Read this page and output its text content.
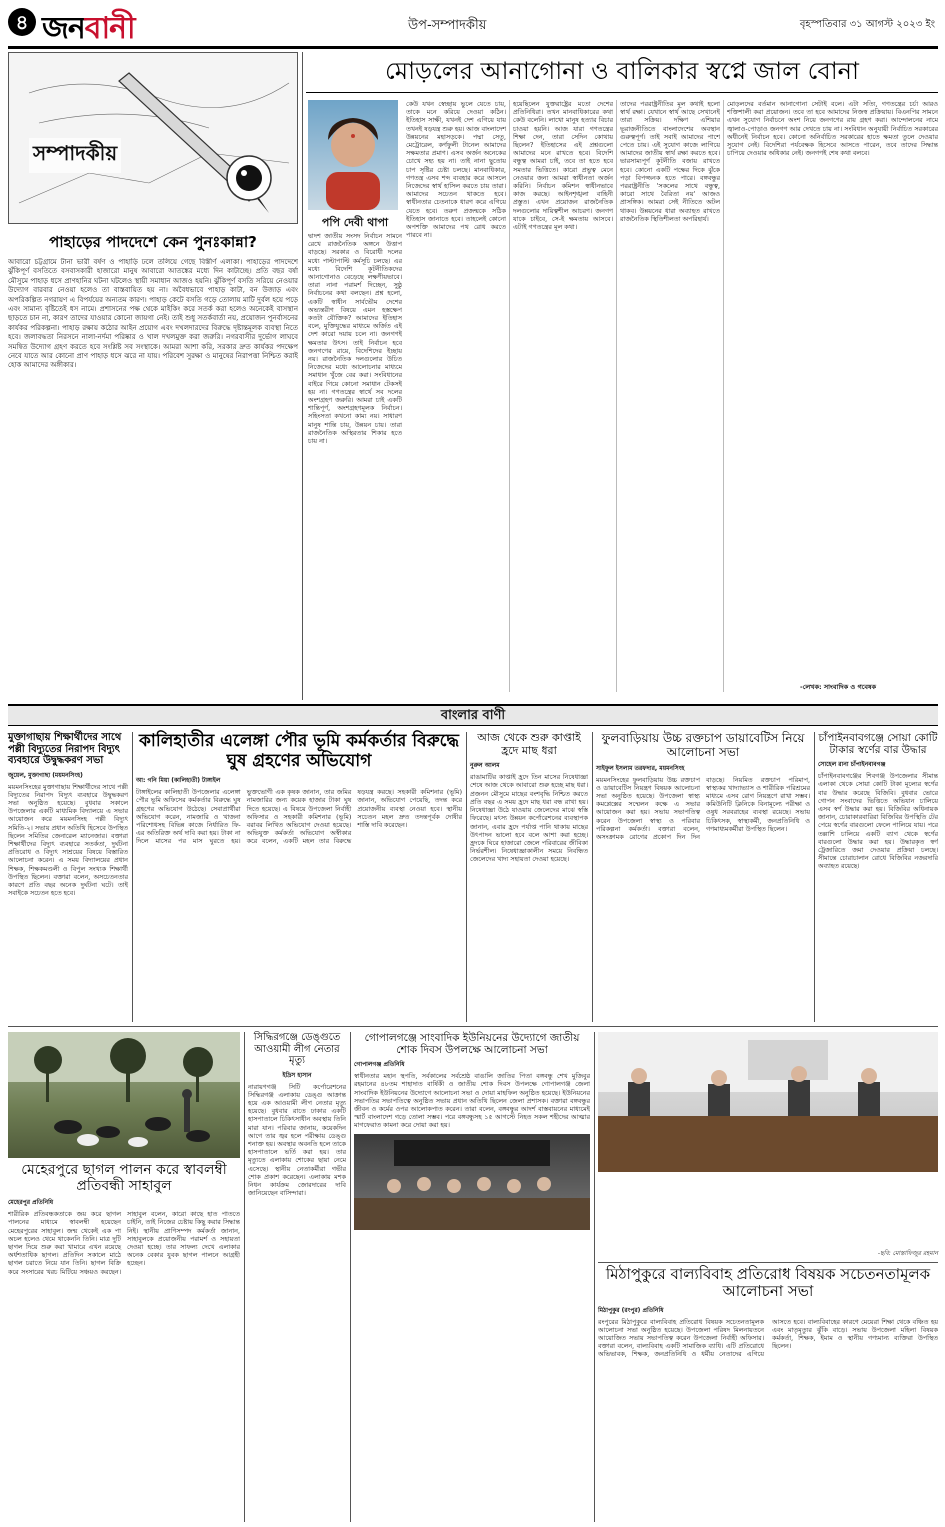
৪ জনবানী	উপ-সম্পাদকীয়	বৃহস্পতিবার ৩১ আগস্ট ২০২৩ ইং
সম্পাদকীয়
পাহাড়ের পাদদেশে কেন পুনঃকান্না?
আবারো চট্টগ্রামে টানা ভারী বর্ষণ ও পাহাড়ি ঢলে তলিয়ে গেছে বিস্তীর্ণ এলাকা। পাহাড়ের পাদদেশে ঝুঁকিপূর্ণ বসতিতে বসবাসকারী হাজারো মানুষ আবারো আতঙ্কের মধ্যে দিন কাটাচ্ছে। প্রতি বছর বর্ষা মৌসুমে পাহাড় ধসে প্রাণহানির ঘটনা ঘটলেও স্থায়ী সমাধান আজও হয়নি। ঝুঁকিপূর্ণ বসতি সরিয়ে নেওয়ার উদ্যোগ বারবার নেওয়া হলেও তা বাস্তবায়িত হয় না। অবৈধভাবে পাহাড় কাটা, বন উজাড় এবং অপরিকল্পিত নগরায়ণ এ বিপর্যয়ের অন্যতম কারণ। পাহাড় কেটে বসতি গড়ে তোলায় মাটি দুর্বল হয়ে পড়ে এবং সামান্য বৃষ্টিতেই ধস নামে। প্রশাসনের পক্ষ থেকে মাইকিং করে সতর্ক করা হলেও অনেকেই বাসস্থান ছাড়তে চান না, কারণ তাদের যাওয়ার কোনো জায়গা নেই। তাই শুধু সতর্কবার্তা নয়, প্রয়োজন পুনর্বাসনের কার্যকর পরিকল্পনা। পাহাড় রক্ষায় কঠোর আইন প্রয়োগ এবং দখলদারদের বিরুদ্ধে দৃষ্টান্তমূলক ব্যবস্থা নিতে হবে। জলাবদ্ধতা নিরসনে নালা-নর্দমা পরিষ্কার ও খাল দখলমুক্ত করা জরুরি। নগরবাসীর দুর্ভোগ লাঘবে সমন্বিত উদ্যোগ গ্রহণ করতে হবে সংশ্লিষ্ট সব সংস্থাকে। আমরা আশা করি, সরকার দ্রুত কার্যকর পদক্ষেপ নেবে যাতে আর কোনো প্রাণ পাহাড় ধসে ঝরে না যায়। পরিবেশ সুরক্ষা ও মানুষের নিরাপত্তা নিশ্চিত করাই হোক আমাদের অঙ্গীকার।
মোড়লের আনাগোনা ও বালিকার স্বপ্নে জাল বোনা
পপি দেবী থাপা
দ্বাদশ জাতীয় সংসদ নির্বাচন সামনে রেখে রাজনৈতিক অঙ্গনে উত্তাপ বাড়ছে। সরকার ও বিরোধী দলের মধ্যে পাল্টাপাল্টি কর্মসূচি চলছে। এর মধ্যে বিদেশি কূটনীতিকদের আনাগোনাও বেড়েছে লক্ষণীয়ভাবে। তারা নানা পরামর্শ দিচ্ছেন, সুষ্ঠু নির্বাচনের কথা বলছেন। প্রশ্ন হলো, একটি স্বাধীন সার্বভৌম দেশের অভ্যন্তরীণ বিষয়ে এমন হস্তক্ষেপ কতটা যৌক্তিক? আমাদের ইতিহাস বলে, মুক্তিযুদ্ধের মাধ্যমে অর্জিত এই দেশ কারো দয়ায় চলে না। জনগণই ক্ষমতার উৎস। তাই নির্বাচন হবে জনগণের রায়ে, বিদেশিদের ইচ্ছায় নয়। রাজনৈতিক দলগুলোর উচিত নিজেদের মধ্যে আলোচনার মাধ্যমে সমাধান খুঁজে বের করা। সংবিধানের বাইরে গিয়ে কোনো সমাধান টেকসই হয় না। গণতন্ত্রের স্বার্থে সব দলের অংশগ্রহণ জরুরি। আমরা চাই একটি শান্তিপূর্ণ, অংশগ্রহণমূলক নির্বাচন। সহিংসতা কখনো কাম্য নয়। সাধারণ মানুষ শান্তি চায়, উন্নয়ন চায়। তারা রাজনৈতিক অস্থিরতার শিকার হতে চায় না।
কেউ যখন স্বেচ্ছায় ভুলে যেতে চায়, তাকে মনে করিয়ে দেওয়া কঠিন। ইতিহাস সাক্ষী, যখনই দেশ এগিয়ে যায় তখনই ষড়যন্ত্র শুরু হয়। আজ বাংলাদেশ উন্নয়নের মহাসড়কে। পদ্মা সেতু, মেট্রোরেল, কর্ণফুলী টানেল আমাদের সক্ষমতার প্রমাণ। এসব অর্জন অনেকের চোখে সহ্য হয় না। তাই নানা ছুতোয় চাপ সৃষ্টির চেষ্টা চলছে। মানবাধিকার, গণতন্ত্র এসব শব্দ ব্যবহার করে আসলে নিজেদের স্বার্থ হাসিল করতে চায় তারা। আমাদের সচেতন থাকতে হবে। স্বাধীনতার চেতনাকে ধারণ করে এগিয়ে যেতে হবে। তরুণ প্রজন্মকে সঠিক ইতিহাস জানাতে হবে। তাহলেই কোনো অপশক্তি আমাদের পথ রোধ করতে পারবে না।
হয়েছিলেন যুক্তরাষ্ট্রের মতো দেশের প্রতিনিধিরা। তখন মানবাধিকারের কথা কেউ বলেনি। লাখো মানুষ হত্যার বিচার চাওয়া হয়নি। আজ যারা গণতন্ত্রের শিক্ষা দেন, তারা সেদিন কোথায় ছিলেন? ইতিহাসের এই প্রশ্নগুলো আমাদের মনে রাখতে হবে। বিদেশি বন্ধুত্ব আমরা চাই, তবে তা হতে হবে সমতার ভিত্তিতে। কারো প্রভুত্ব মেনে নেওয়ার জন্য আমরা স্বাধীনতা অর্জন করিনি। নির্বাচন কমিশন স্বাধীনভাবে কাজ করছে। আইনশৃঙ্খলা বাহিনী প্রস্তুত। এখন প্রয়োজন রাজনৈতিক দলগুলোর দায়িত্বশীল আচরণ। জনগণ যাকে চাইবে, সে-ই ক্ষমতায় আসবে। এটাই গণতন্ত্রের মূল কথা।
তাদের পররাষ্ট্রনীতির মূল কথাই হলো স্বার্থ রক্ষা। যেখানে স্বার্থ আছে সেখানেই তারা সক্রিয়। দক্ষিণ এশিয়ার ভূরাজনীতিতে বাংলাদেশের অবস্থান গুরুত্বপূর্ণ। তাই সবাই আমাদের পাশে পেতে চায়। এই সুযোগ কাজে লাগিয়ে আমাদের জাতীয় স্বার্থ রক্ষা করতে হবে। ভারসাম্যপূর্ণ কূটনীতি বজায় রাখতে হবে। কোনো একটি পক্ষের দিকে ঝুঁকে পড়া বিপজ্জনক হতে পারে। বঙ্গবন্ধুর পররাষ্ট্রনীতি 'সকলের সাথে বন্ধুত্ব, কারো সাথে বৈরিতা নয়' আজও প্রাসঙ্গিক। আমরা সেই নীতিতে অটল থাকব। উন্নয়নের ধারা অব্যাহত রাখতে রাজনৈতিক স্থিতিশীলতা অপরিহার্য।
মোড়লদের বর্তমান আনাগোনা সেটাই বলে। এটা সত্যি, গণতন্ত্রের চর্চা আরও শক্তিশালী করা প্রয়োজন। তবে তা হবে আমাদের নিজস্ব প্রক্রিয়ায়। বিএনপির সামনে এখন সুযোগ নির্বাচনে অংশ নিয়ে জনগণের রায় গ্রহণ করা। আন্দোলনের নামে জ্বালাও-পোড়াও জনগণ আর দেখতে চায় না। সংবিধান অনুযায়ী নির্বাচিত সরকারের অধীনেই নির্বাচন হবে। কোনো অনির্বাচিত সরকারের হাতে ক্ষমতা তুলে দেওয়ার সুযোগ নেই। বিদেশিরা পর্যবেক্ষক হিসেবে আসতে পারেন, তবে তাদের সিদ্ধান্ত চাপিয়ে দেওয়ার অধিকার নেই। জনগণই শেষ কথা বলবে।
-লেখক: সাংবাদিক ও গবেষক
বাংলার বাণী
মুক্তাগাছায় শিক্ষার্থীদের সাথে পল্লী বিদ্যুতের নিরাপদ বিদ্যুৎ ব্যবহারে উদ্বুদ্ধকরণ সভা
জুয়েল, মুক্তাগাছা (ময়মনসিংহ)
ময়মনসিংহের মুক্তাগাছায় শিক্ষার্থীদের সাথে পল্লী বিদ্যুতের নিরাপদ বিদ্যুৎ ব্যবহারে উদ্বুদ্ধকরণ সভা অনুষ্ঠিত হয়েছে। বুধবার সকালে উপজেলার একটি মাধ্যমিক বিদ্যালয়ে এ সভার আয়োজন করে ময়মনসিংহ পল্লী বিদ্যুৎ সমিতি-২। সভায় প্রধান অতিথি হিসেবে উপস্থিত ছিলেন সমিতির জেনারেল ম্যানেজার। বক্তারা শিক্ষার্থীদের বিদ্যুৎ ব্যবহারে সতর্কতা, দুর্ঘটনা প্রতিরোধ ও বিদ্যুৎ সাশ্রয়ের বিষয়ে বিস্তারিত আলোচনা করেন। এ সময় বিদ্যালয়ের প্রধান শিক্ষক, শিক্ষকমণ্ডলী ও বিপুল সংখ্যক শিক্ষার্থী উপস্থিত ছিলেন। বক্তারা বলেন, অসচেতনতার কারণে প্রতি বছর অনেক দুর্ঘটনা ঘটে। তাই সবাইকে সচেতন হতে হবে।
কালিহাতীর এলেঙ্গা পৌর ভূমি কর্মকর্তার বিরুদ্ধে ঘুষ গ্রহণের অভিযোগ
আ: গনি মিয়া (কালিহাতী) টাঙ্গাইল
টাঙ্গাইলের কালিহাতী উপজেলার এলেঙ্গা পৌর ভূমি অফিসের কর্মকর্তার বিরুদ্ধে ঘুষ গ্রহণের অভিযোগ উঠেছে। সেবাপ্রার্থীরা অভিযোগ করেন, নামজারি ও খাজনা পরিশোধসহ বিভিন্ন কাজে নির্ধারিত ফি-এর অতিরিক্ত অর্থ দাবি করা হয়। টাকা না দিলে মাসের পর মাস ঘুরতে হয়। ভুক্তভোগী এক কৃষক জানান, তার জমির নামজারির জন্য কয়েক হাজার টাকা ঘুষ দিতে হয়েছে। এ বিষয়ে উপজেলা নির্বাহী অফিসার ও সহকারী কমিশনার (ভূমি) বরাবর লিখিত অভিযোগ দেওয়া হয়েছে। অভিযুক্ত কর্মকর্তা অভিযোগ অস্বীকার করে বলেন, একটি মহল তার বিরুদ্ধে ষড়যন্ত্র করছে। সহকারী কমিশনার (ভূমি) জানান, অভিযোগ পেয়েছি, তদন্ত করে প্রয়োজনীয় ব্যবস্থা নেওয়া হবে। স্থানীয় সচেতন মহল দ্রুত তদন্তপূর্বক দোষীর শাস্তি দাবি করেছেন।
আজ থেকে শুরু কাপ্তাই হ্রদে মাছ ধরা
নুরুল আলম
রাঙামাটির কাপ্তাই হ্রদে তিন মাসের নিষেধাজ্ঞা শেষে আজ থেকে আবারো শুরু হচ্ছে মাছ ধরা। প্রজনন মৌসুমে মাছের বংশবৃদ্ধি নিশ্চিত করতে প্রতি বছর এ সময় হ্রদে মাছ ধরা বন্ধ রাখা হয়। নিষেধাজ্ঞা উঠে যাওয়ায় জেলেদের মাঝে স্বস্তি ফিরেছে। মৎস্য উন্নয়ন কর্পোরেশনের ব্যবস্থাপক জানান, এবার হ্রদে পর্যাপ্ত পানি থাকায় মাছের উৎপাদন ভালো হবে বলে আশা করা হচ্ছে। হ্রদকে ঘিরে হাজারো জেলে পরিবারের জীবিকা নির্ভরশীল। নিষেধাজ্ঞাকালীন সময়ে নিবন্ধিত জেলেদের খাদ্য সহায়তা দেওয়া হয়েছে।
ফুলবাড়িয়ায় উচ্চ রক্তচাপ ডায়াবেটিস নিয়ে আলোচনা সভা
সাইফুল ইসলাম তরফদার, ময়মনসিংহ
ময়মনসিংহের ফুলবাড়িয়ায় উচ্চ রক্তচাপ ও ডায়াবেটিস নিয়ন্ত্রণ বিষয়ক আলোচনা সভা অনুষ্ঠিত হয়েছে। উপজেলা স্বাস্থ্য কমপ্লেক্সের সম্মেলন কক্ষে এ সভার আয়োজন করা হয়। সভায় সভাপতিত্ব করেন উপজেলা স্বাস্থ্য ও পরিবার পরিকল্পনা কর্মকর্তা। বক্তারা বলেন, অসংক্রামক রোগের প্রকোপ দিন দিন বাড়ছে। নিয়মিত রক্তচাপ পরিমাপ, স্বাস্থ্যকর খাদ্যাভ্যাস ও শারীরিক পরিশ্রমের মাধ্যমে এসব রোগ নিয়ন্ত্রণে রাখা সম্ভব। কমিউনিটি ক্লিনিকে বিনামূল্যে পরীক্ষা ও ওষুধ সরবরাহের ব্যবস্থা রয়েছে। সভায় চিকিৎসক, স্বাস্থ্যকর্মী, জনপ্রতিনিধি ও গণমাধ্যমকর্মীরা উপস্থিত ছিলেন।
চাঁপাইনবাবগঞ্জে সোয়া কোটি টাকার স্বর্ণের বার উদ্ধার
সোহেল রানা চাঁপাইনবাবগঞ্জ
চাঁপাইনবাবগঞ্জের শিবগঞ্জ উপজেলার সীমান্ত এলাকা থেকে সোয়া কোটি টাকা মূল্যের স্বর্ণের বার উদ্ধার করেছে বিজিবি। বুধবার ভোরে গোপন সংবাদের ভিত্তিতে অভিযান চালিয়ে এসব স্বর্ণ উদ্ধার করা হয়। বিজিবির অধিনায়ক জানান, চোরাকারবারিরা বিজিবির উপস্থিতি টের পেয়ে স্বর্ণের বারগুলো ফেলে পালিয়ে যায়। পরে তল্লাশি চালিয়ে একটি ব্যাগ থেকে স্বর্ণের বারগুলো উদ্ধার করা হয়। উদ্ধারকৃত স্বর্ণ ট্রেজারিতে জমা দেওয়ার প্রক্রিয়া চলছে। সীমান্তে চোরাচালান রোধে বিজিবির নজরদারি অব্যাহত রয়েছে।
মেহেরপুরে ছাগল পালন করে স্বাবলম্বী প্রতিবন্ধী সাহাবুল
মেহেরপুর প্রতিনিধি
শারীরিক প্রতিবন্ধকতাকে জয় করে ছাগল পালনের মাধ্যমে স্বাবলম্বী হয়েছেন মেহেরপুরের সাহাবুল। জন্ম থেকেই এক পা অচল হলেও থেমে থাকেননি তিনি। মাত্র দুটি ছাগল দিয়ে শুরু করা খামারে এখন রয়েছে অর্ধশতাধিক ছাগল। প্রতিদিন সকালে মাঠে ছাগল চরাতে নিয়ে যান তিনি। ছাগল বিক্রি করে সংসারের খরচ মিটিয়ে সঞ্চয়ও করছেন। সাহাবুল বলেন, কারো কাছে হাত পাততে চাইনি, তাই নিজের চেষ্টায় কিছু করার সিদ্ধান্ত নিই। স্থানীয় প্রাণিসম্পদ কর্মকর্তা জানান, সাহাবুলকে প্রয়োজনীয় পরামর্শ ও সহায়তা দেওয়া হচ্ছে। তার সাফল্য দেখে এলাকার অনেক বেকার যুবক ছাগল পালনে আগ্রহী হচ্ছেন।
সিদ্ধিরগঞ্জে ডেঙ্গুতে আওয়ামী লীগ নেতার মৃত্যু
ইদ্রিস হাসান
নারায়ণগঞ্জ সিটি কর্পোরেশনের সিদ্ধিরগঞ্জ এলাকায় ডেঙ্গু আক্রান্ত হয়ে এক আওয়ামী লীগ নেতার মৃত্যু হয়েছে। বুধবার রাতে ঢাকার একটি হাসপাতালে চিকিৎসাধীন অবস্থায় তিনি মারা যান। পরিবার জানায়, কয়েকদিন আগে তার জ্বর হলে পরীক্ষায় ডেঙ্গু শনাক্ত হয়। অবস্থার অবনতি হলে তাকে হাসপাতালে ভর্তি করা হয়। তার মৃত্যুতে এলাকায় শোকের ছায়া নেমে এসেছে। স্থানীয় নেতাকর্মীরা গভীর শোক প্রকাশ করেছেন। এলাকায় মশক নিধন কার্যক্রম জোরদারের দাবি জানিয়েছেন বাসিন্দারা।
গোপালগঞ্জে সাংবাদিক ইউনিয়নের উদ্যোগে জাতীয় শোক দিবস উপলক্ষে আলোচনা সভা
গোপালগঞ্জ প্রতিনিধি
স্বাধীনতার মহান স্থপতি, সর্বকালের সর্বশ্রেষ্ঠ বাঙালি জাতির পিতা বঙ্গবন্ধু শেখ মুজিবুর রহমানের ৪৮তম শাহাদাত বার্ষিকী ও জাতীয় শোক দিবস উপলক্ষে গোপালগঞ্জ জেলা সাংবাদিক ইউনিয়নের উদ্যোগে আলোচনা সভা ও দোয়া মাহফিল অনুষ্ঠিত হয়েছে। ইউনিয়নের সভাপতির সভাপতিত্বে অনুষ্ঠিত সভায় প্রধান অতিথি ছিলেন জেলা প্রশাসক। বক্তারা বঙ্গবন্ধুর জীবন ও কর্মের ওপর আলোকপাত করেন। তারা বলেন, বঙ্গবন্ধুর আদর্শ বাস্তবায়নের মাধ্যমেই স্মার্ট বাংলাদেশ গড়ে তোলা সম্ভব। পরে বঙ্গবন্ধুসহ ১৫ আগস্টে নিহত সকল শহীদের আত্মার মাগফেরাত কামনা করে দোয়া করা হয়।

-ছবি: মোস্তাফিজুর রহমান
মিঠাপুকুরে বাল্যবিবাহ প্রতিরোধ বিষয়ক সচেতনতামূলক আলোচনা সভা
মিঠাপুকুর (রংপুর) প্রতিনিধি
রংপুরের মিঠাপুকুরে বাল্যবিবাহ প্রতিরোধ বিষয়ক সচেতনতামূলক আলোচনা সভা অনুষ্ঠিত হয়েছে। উপজেলা পরিষদ মিলনায়তনে আয়োজিত সভায় সভাপতিত্ব করেন উপজেলা নির্বাহী অফিসার। বক্তারা বলেন, বাল্যবিবাহ একটি সামাজিক ব্যাধি। এটি প্রতিরোধে অভিভাবক, শিক্ষক, জনপ্রতিনিধি ও ধর্মীয় নেতাদের এগিয়ে আসতে হবে। বাল্যবিবাহের কারণে মেয়েরা শিক্ষা থেকে বঞ্চিত হয় এবং মাতৃমৃত্যুর ঝুঁকি বাড়ে। সভায় উপজেলা মহিলা বিষয়ক কর্মকর্তা, শিক্ষক, ইমাম ও স্থানীয় গণ্যমান্য ব্যক্তিরা উপস্থিত ছিলেন।
